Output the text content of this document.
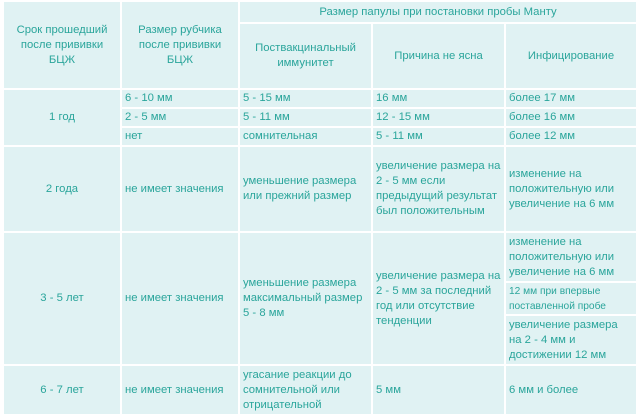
Срок прошедший после прививки БЦЖ	Размер рубчика после прививки БЦЖ	Размер папулы при постановки пробы Манту		
		Поствакцинальный иммунитет	Причина не ясна	Инфицирование
1 год	6 - 10 мм	5 - 15 мм	16 мм	более 17 мм
	2 - 5 мм	5 - 11 мм	12 - 15 мм	более 16 мм
	нет	сомнительная	5 - 11 мм	более 12 мм
2 года	не имеет значения	уменьшение размера или прежний размер	увеличение размера на 2 - 5 мм если предыдущий результат был положительным	изменение на положительную или увеличение на 6 мм
3 - 5 лет	не имеет значения	уменьшение размера максимальный размер 5 - 8 мм	увеличение размера на 2 - 5 мм за последний год или отсутствие тенденции	изменение на положительную или увеличение на 6 мм
				12 мм при впервые поставленной пробе
				увеличение размера на 2 - 4 мм и достижении 12 мм
6 - 7 лет	не имеет значения	угасание реакции до сомнительной или отрицательной	5 мм	6 мм и более
